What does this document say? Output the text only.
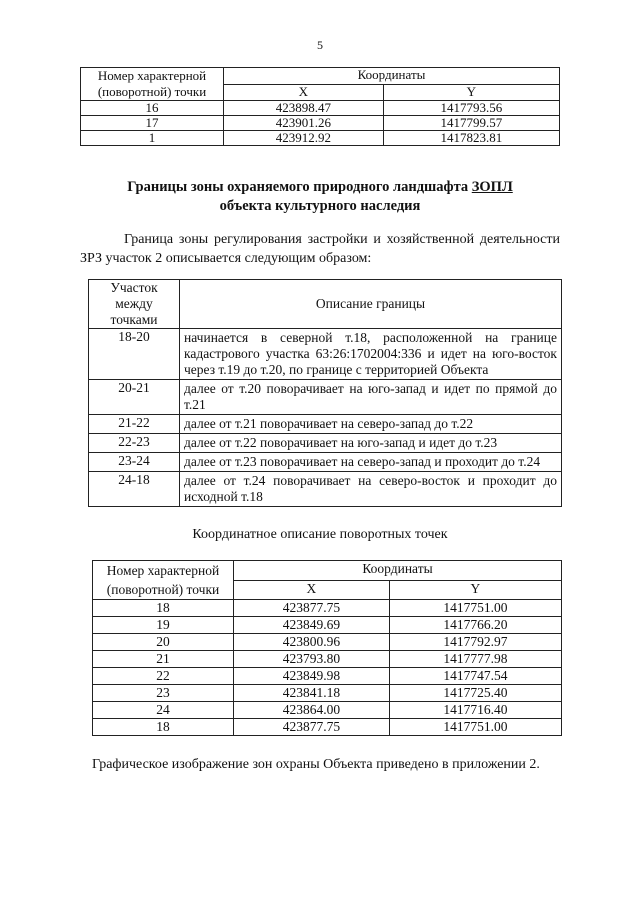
5
Номер характерной (поворотной) точки	Координаты	
	X	Y
16	423898.47	1417793.56
17	423901.26	1417799.57
1	423912.92	1417823.81
Границы зоны охраняемого природного ландшафта ЗОПЛ
объекта культурного наследия
Граница зоны регулирования застройки и хозяйственной деятельности ЗРЗ участок 2 описывается следующим образом:
Участок между точками	Описание границы
18-20	начинается в северной т.18, расположенной на границе кадастрового участка 63:26:1702004:336 и идет на юго-восток через т.19 до т.20, по границе с территорией Объекта
20-21	далее от т.20 поворачивает на юго-запад и идет по прямой до т.21
21-22	далее от т.21 поворачивает на северо-запад до т.22
22-23	далее от т.22 поворачивает на юго-запад и идет до т.23
23-24	далее от т.23 поворачивает на северо-запад и проходит до т.24
24-18	далее от т.24 поворачивает на северо-восток и проходит до исходной т.18
Координатное описание поворотных точек
Номер характерной (поворотной) точки	Координаты	
	X	Y
18	423877.75	1417751.00
19	423849.69	1417766.20
20	423800.96	1417792.97
21	423793.80	1417777.98
22	423849.98	1417747.54
23	423841.18	1417725.40
24	423864.00	1417716.40
18	423877.75	1417751.00
Графическое изображение зон охраны Объекта приведено в приложении 2.
